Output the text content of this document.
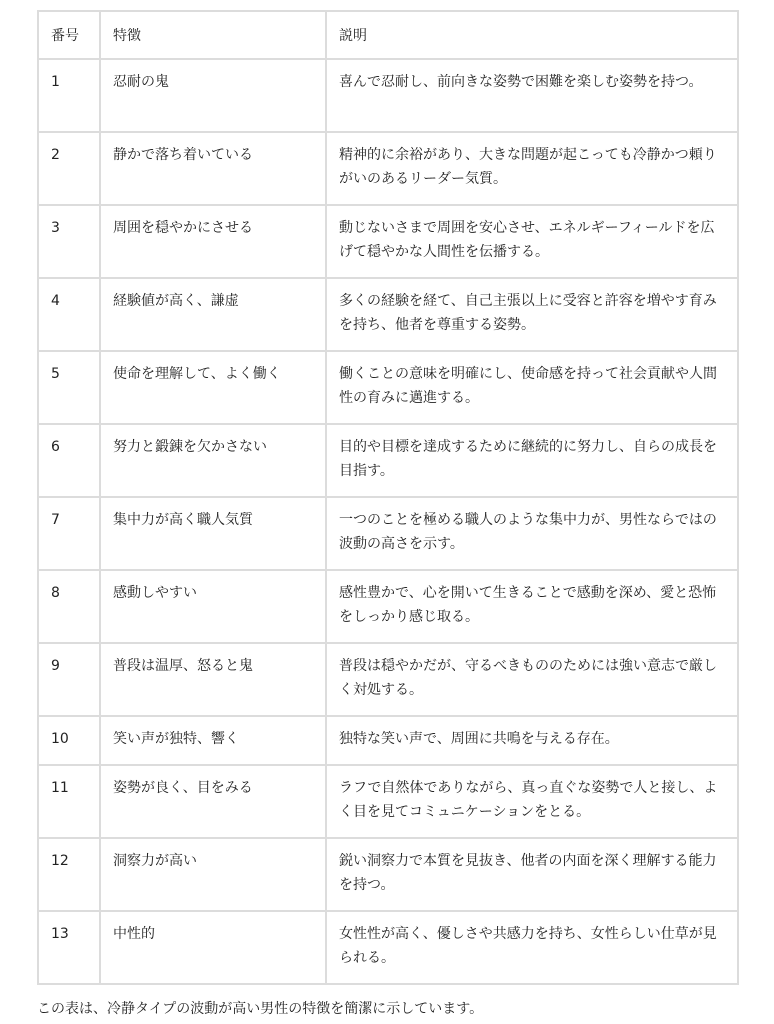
番号	特徴	説明
1	忍耐の鬼	喜んで忍耐し、前向きな姿勢で困難を楽しむ姿勢を持つ。
2	静かで落ち着いている	精神的に余裕があり、大きな問題が起こっても冷静かつ頼りがいのあるリーダー気質。
3	周囲を穏やかにさせる	動じないさまで周囲を安心させ、エネルギーフィールドを広げて穏やかな人間性を伝播する。
4	経験値が高く、謙虚	多くの経験を経て、自己主張以上に受容と許容を増やす育みを持ち、他者を尊重する姿勢。
5	使命を理解して、よく働く	働くことの意味を明確にし、使命感を持って社会貢献や人間性の育みに邁進する。
6	努力と鍛錬を欠かさない	目的や目標を達成するために継続的に努力し、自らの成長を目指す。
7	集中力が高く職人気質	一つのことを極める職人のような集中力が、男性ならではの波動の高さを示す。
8	感動しやすい	感性豊かで、心を開いて生きることで感動を深め、愛と恐怖をしっかり感じ取る。
9	普段は温厚、怒ると鬼	普段は穏やかだが、守るべきもののためには強い意志で厳しく対処する。
10	笑い声が独特、響く	独特な笑い声で、周囲に共鳴を与える存在。
11	姿勢が良く、目をみる	ラフで自然体でありながら、真っ直ぐな姿勢で人と接し、よく目を見てコミュニケーションをとる。
12	洞察力が高い	鋭い洞察力で本質を見抜き、他者の内面を深く理解する能力を持つ。
13	中性的	女性性が高く、優しさや共感力を持ち、女性らしい仕草が見られる。
この表は、冷静タイプの波動が高い男性の特徴を簡潔に示しています。
